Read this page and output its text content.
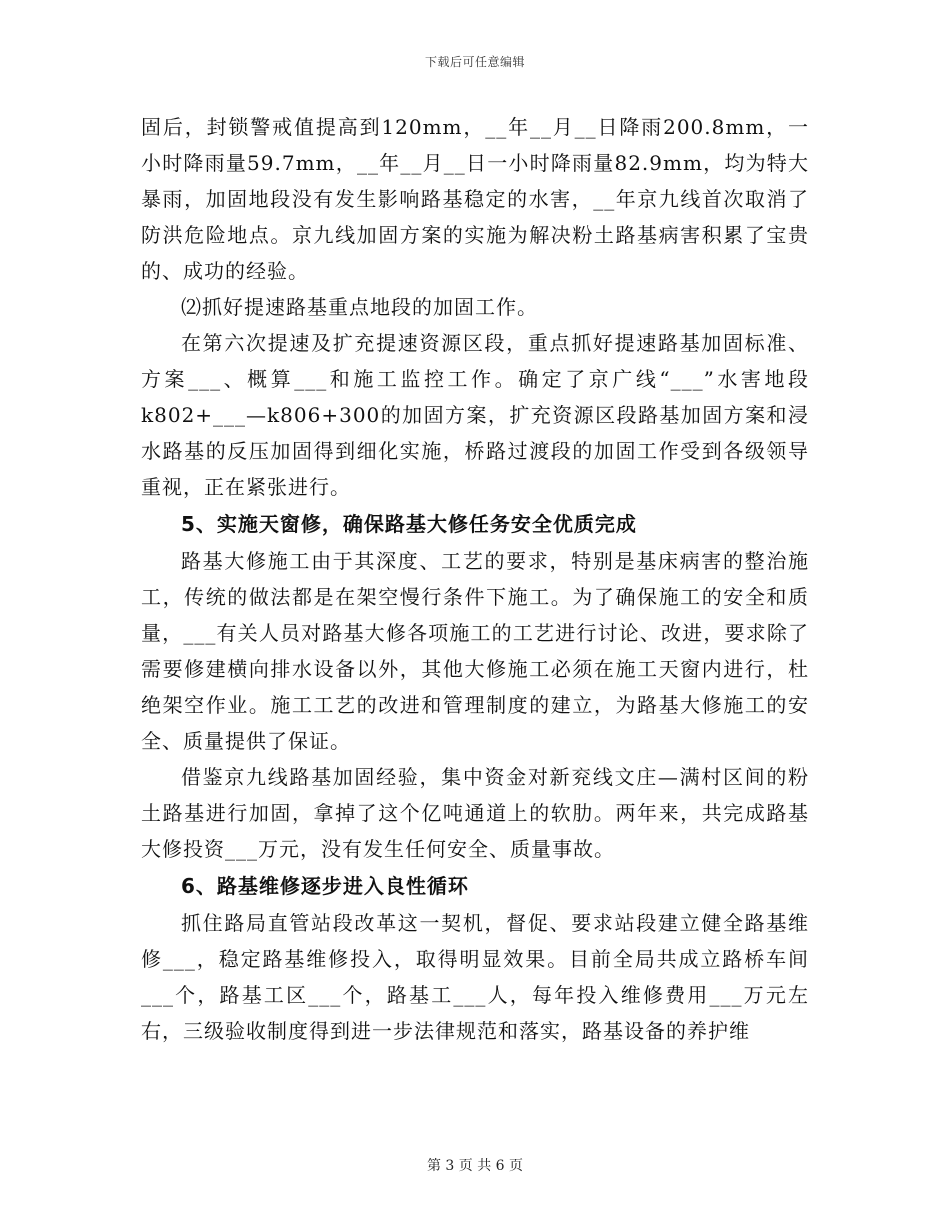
下载后可任意编辑

固后，封锁警戒值提高到120mm，__年__月__日降雨200.8mm，一小时降雨量59.7mm，__年__月__日一小时降雨量82.9mm，均为特大暴雨，加固地段没有发生影响路基稳定的水害，__年京九线首次取消了防洪危险地点。京九线加固方案的实施为解决粉土路基病害积累了宝贵的、成功的经验。

⑵抓好提速路基重点地段的加固工作。

在第六次提速及扩充提速资源区段，重点抓好提速路基加固标准、方案___、概算___和施工监控工作。确定了京广线“___”水害地段k802+___—k806+300的加固方案，扩充资源区段路基加固方案和浸水路基的反压加固得到细化实施，桥路过渡段的加固工作受到各级领导重视，正在紧张进行。

5、实施天窗修，确保路基大修任务安全优质完成

路基大修施工由于其深度、工艺的要求，特别是基床病害的整治施工，传统的做法都是在架空慢行条件下施工。为了确保施工的安全和质量，___有关人员对路基大修各项施工的工艺进行讨论、改进，要求除了需要修建横向排水设备以外，其他大修施工必须在施工天窗内进行，杜绝架空作业。施工工艺的改进和管理制度的建立，为路基大修施工的安全、质量提供了保证。

借鉴京九线路基加固经验，集中资金对新兖线文庄—满村区间的粉土路基进行加固，拿掉了这个亿吨通道上的软肋。两年来，共完成路基大修投资___万元，没有发生任何安全、质量事故。

6、路基维修逐步进入良性循环

抓住路局直管站段改革这一契机，督促、要求站段建立健全路基维修___，稳定路基维修投入，取得明显效果。目前全局共成立路桥车间___个，路基工区___个，路基工___人，每年投入维修费用___万元左右，三级验收制度得到进一步法律规范和落实，路基设备的养护维

第 3 页 共 6 页
